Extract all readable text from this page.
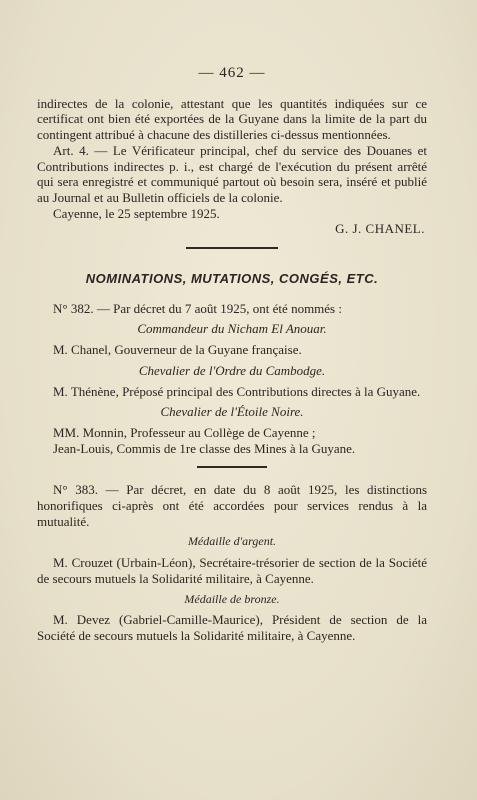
— 462 —

indirectes de la colonie, attestant que les quantités indiquées sur ce certificat ont bien été exportées de la Guyane dans la limite de la part du contingent attribué à chacune des distilleries ci-dessus mentionnées.

Art. 4. — Le Vérificateur principal, chef du service des Douanes et Contributions indirectes p. i., est chargé de l'exécution du présent arrêté qui sera enregistré et communiqué partout où besoin sera, inséré et publié au Journal et au Bulletin officiels de la colonie.

Cayenne, le 25 septembre 1925.

G. J. CHANEL.

NOMINATIONS, MUTATIONS, CONGÉS, ETC.

N° 382. — Par décret du 7 août 1925, ont été nommés :

Commandeur du Nicham El Anouar.

M. Chanel, Gouverneur de la Guyane française.

Chevalier de l'Ordre du Cambodge.

M. Thénène, Préposé principal des Contributions directes à la Guyane.

Chevalier de l'Étoile Noire.

MM. Monnin, Professeur au Collège de Cayenne ;

Jean-Louis, Commis de 1re classe des Mines à la Guyane.

N° 383. — Par décret, en date du 8 août 1925, les distinctions honorifiques ci-après ont été accordées pour services rendus à la mutualité.

Médaille d'argent.

M. Crouzet (Urbain-Léon), Secrétaire-trésorier de section de la Société de secours mutuels la Solidarité militaire, à Cayenne.

Médaille de bronze.

M. Devez (Gabriel-Camille-Maurice), Président de section de la Société de secours mutuels la Solidarité militaire, à Cayenne.
